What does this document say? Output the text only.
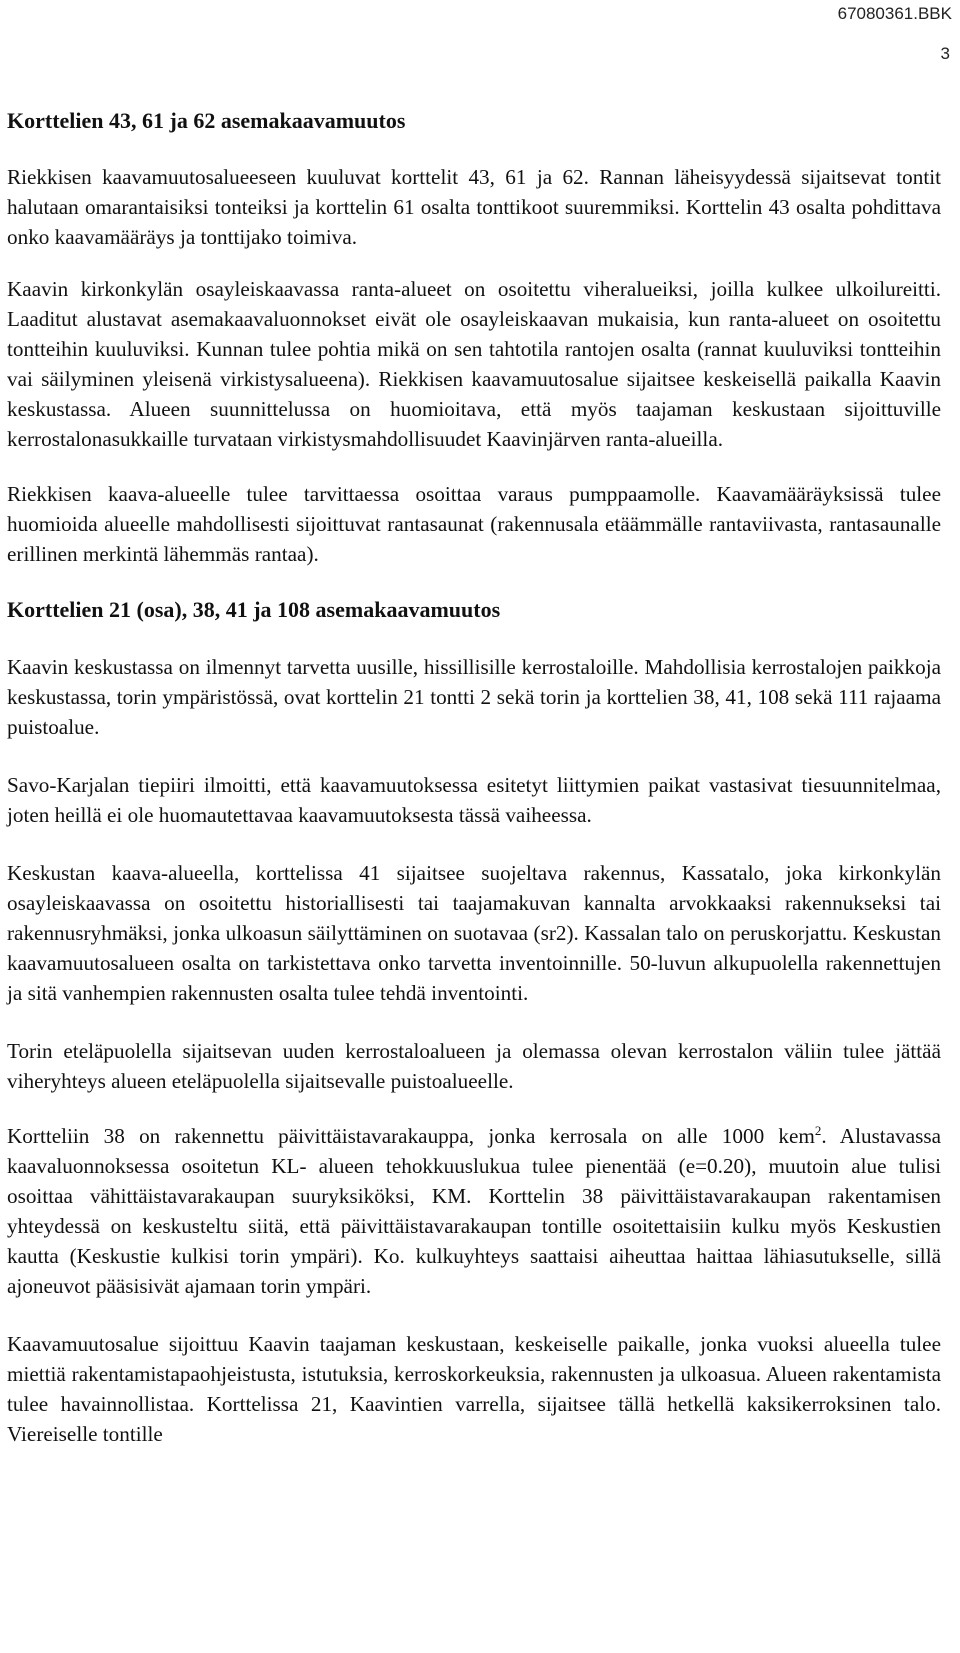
67080361.BBK
3
Korttelien 43, 61 ja 62 asemakaavamuutos

Riekkisen kaavamuutosalueeseen kuuluvat korttelit 43, 61 ja 62. Rannan läheisyydessä sijaitsevat tontit halutaan omarantaisiksi tonteiksi ja korttelin 61 osalta tonttikoot suuremmiksi. Korttelin 43 osalta pohdittava onko kaavamääräys ja tonttijako toimiva.

Kaavin kirkonkylän osayleiskaavassa ranta-alueet on osoitettu viheralueiksi, joilla kulkee ulkoilureitti. Laaditut alustavat asemakaavaluonnokset eivät ole osayleiskaavan mukaisia, kun ranta-alueet on osoitettu tontteihin kuuluviksi. Kunnan tulee pohtia mikä on sen tahtotila rantojen osalta (rannat kuuluviksi tontteihin vai säilyminen yleisenä virkistysalueena). Riekkisen kaavamuutosalue sijaitsee keskeisellä paikalla Kaavin keskustassa. Alueen suunnittelussa on huomioitava, että myös taajaman keskustaan sijoittuville kerrostalonasukkaille turvataan virkistysmahdollisuudet Kaavinjärven ranta-alueilla.

Riekkisen kaava-alueelle tulee tarvittaessa osoittaa varaus pumppaamolle. Kaavamääräyksissä tulee huomioida alueelle mahdollisesti sijoittuvat rantasaunat (rakennusala etäämmälle rantaviivasta, rantasaunalle erillinen merkintä lähemmäs rantaa).

Korttelien 21 (osa), 38, 41 ja 108 asemakaavamuutos

Kaavin keskustassa on ilmennyt tarvetta uusille, hissillisille kerrostaloille. Mahdollisia kerrostalojen paikkoja keskustassa, torin ympäristössä, ovat korttelin 21 tontti 2 sekä torin ja korttelien 38, 41, 108 sekä 111 rajaama puistoalue.

Savo-Karjalan tiepiiri ilmoitti, että kaavamuutoksessa esitetyt liittymien paikat vastasivat tiesuunnitelmaa, joten heillä ei ole huomautettavaa kaavamuutoksesta tässä vaiheessa.

Keskustan kaava-alueella, korttelissa 41 sijaitsee suojeltava rakennus, Kassatalo, joka kirkonkylän osayleiskaavassa on osoitettu historiallisesti tai taajamakuvan kannalta arvokkaaksi rakennukseksi tai rakennusryhmäksi, jonka ulkoasun säilyttäminen on suotavaa (sr2). Kassalan talo on peruskorjattu. Keskustan kaavamuutosalueen osalta on tarkistettava onko tarvetta inventoinnille. 50-luvun alkupuolella rakennettujen ja sitä vanhempien rakennusten osalta tulee tehdä inventointi.

Torin eteläpuolella sijaitsevan uuden kerrostaloalueen ja olemassa olevan kerrostalon väliin tulee jättää viheryhteys alueen eteläpuolella sijaitsevalle puistoalueelle.

Kortteliin 38 on rakennettu päivittäistavarakauppa, jonka kerrosala on alle 1000 kem$^2$. Alustavassa kaavaluonnoksessa osoitetun KL- alueen tehokkuuslukua tulee pienentää (e=0.20), muutoin alue tulisi osoittaa vähittäistavarakaupan suuryksiköksi, KM. Korttelin 38 päivittäistavarakaupan rakentamisen yhteydessä on keskusteltu siitä, että päivittäistavarakaupan tontille osoitettaisiin kulku myös Keskustien kautta (Keskustie kulkisi torin ympäri). Ko. kulkuyhteys saattaisi aiheuttaa haittaa lähiasutukselle, sillä ajoneuvot pääsisivät ajamaan torin ympäri.

Kaavamuutosalue sijoittuu Kaavin taajaman keskustaan, keskeiselle paikalle, jonka vuoksi alueella tulee miettiä rakentamistapaohjeistusta, istutuksia, kerroskorkeuksia, rakennusten ja ulkoasua. Alueen rakentamista tulee havainnollistaa. Korttelissa 21, Kaavintien varrella, sijaitsee tällä hetkellä kaksikerroksinen talo. Viereiselle tontille
